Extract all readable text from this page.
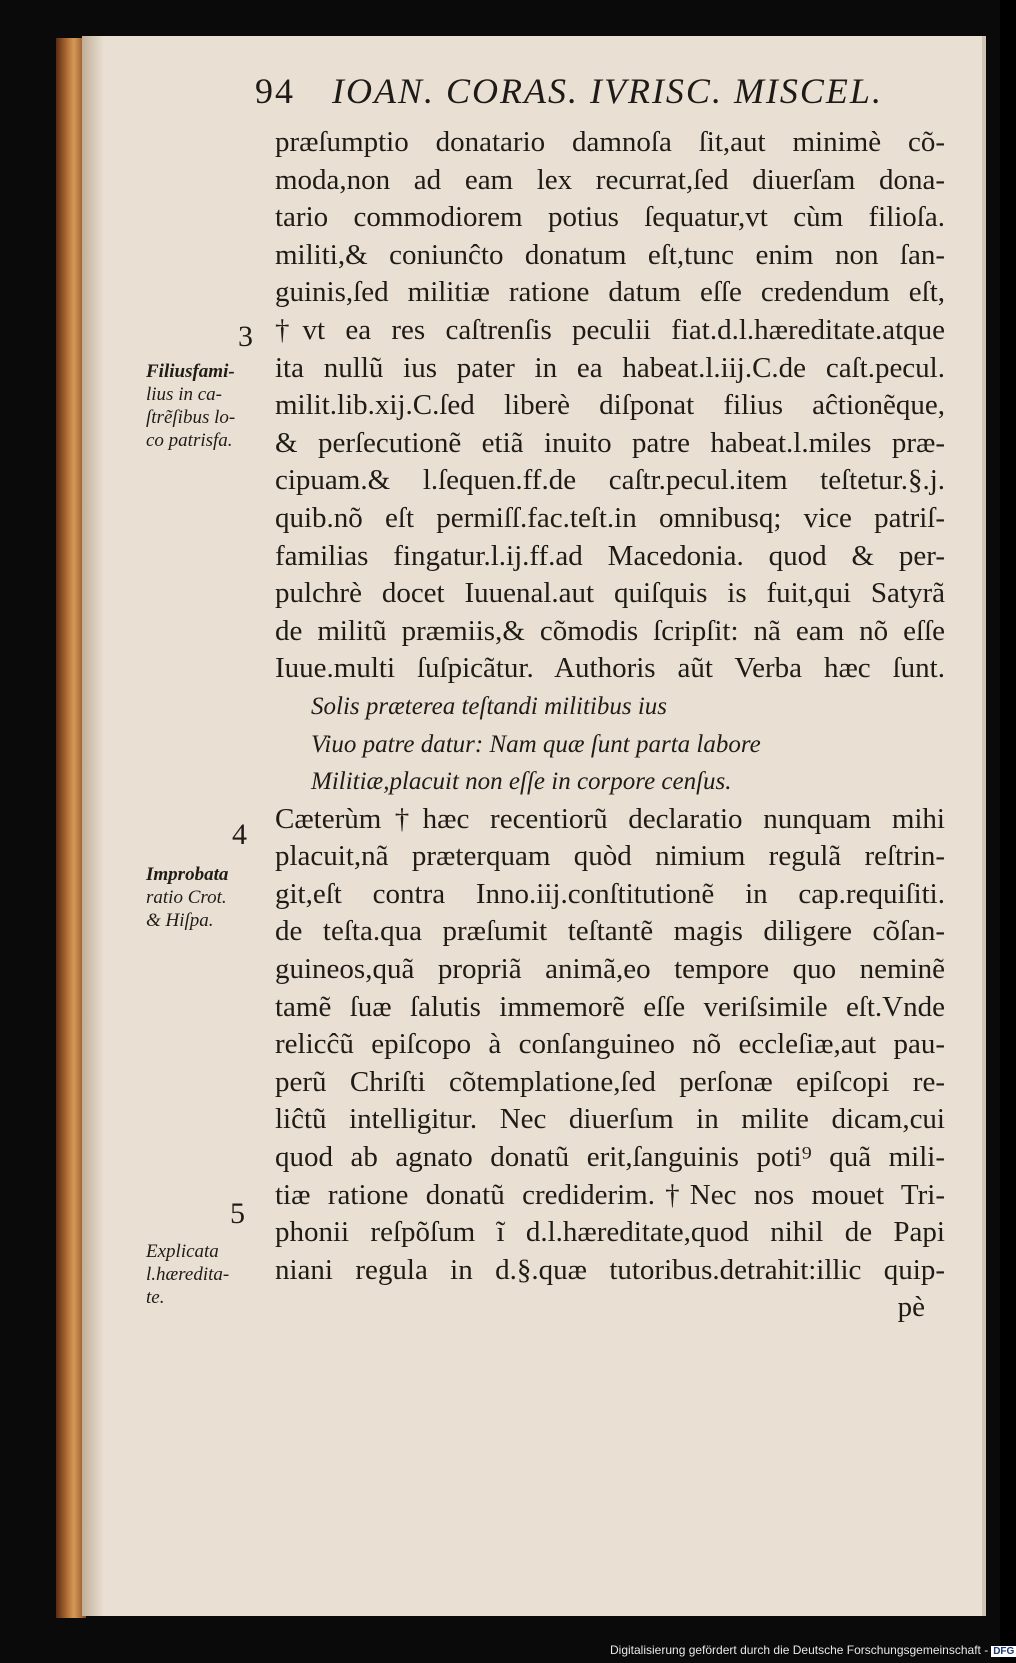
94 IOAN. CORAS. IVRISC. MISCEL.
præſumptio donatario damnoſa ſit,aut minimè cõ-
moda,non ad eam lex recurrat,ſed diuerſam dona-
tario commodiorem potius ſequatur,vt cùm filioſa.
militi,& coniunĉto donatum eſt,tunc enim non ſan-
guinis,ſed militiæ ratione datum eſſe credendum eſt,
†vt ea res caſtrenſis peculii fiat.d.l.hæreditate.atque
ita nullũ ius pater in ea habeat.l.iij.C.de caſt.pecul.
milit.lib.xij.C.ſed liberè diſponat filius aĉtionẽque,
& perſecutionẽ etiã inuito patre habeat.l.miles præ-
cipuam.& l.ſequen.ff.de caſtr.pecul.item teſtetur.§.j.
quib.nõ eſt permiſſ.fac.teſt.in omnibusq; vice patriſ-
familias fingatur.l.ij.ff.ad Macedonia. quod & per-
pulchrè docet Iuuenal.aut quiſquis is fuit,qui Satyrã
de militũ præmiis,& cõmodis ſcripſit: nã eam nõ eſſe
Iuue.multi ſuſpicãtur. Authoris aũt Verba hæc ſunt.
Solis præterea teſtandi militibus ius
Viuo patre datur: Nam quæ ſunt parta labore
Militiæ,placuit non eſſe in corpore cenſus.
Cæterùm†hæc recentiorũ declaratio nunquam mihi
placuit,nã præterquam quòd nimium regulã reſtrin-
git,eſt contra Inno.iij.conſtitutionẽ in cap.requiſiti.
de teſta.qua præſumit teſtantẽ magis diligere cõſan-
guineos,quã propriã animã,eo tempore quo neminẽ
tamẽ ſuæ ſalutis immemorẽ eſſe veriſsimile eſt.Vnde
relicĉũ epiſcopo à conſanguineo nõ eccleſiæ,aut pau-
perũ Chriſti cõtemplatione,ſed perſonæ epiſcopi re-
liĉtũ intelligitur. Nec diuerſum in milite dicam,cui
quod ab agnato donatũ erit,ſanguinis poti⁹ quã mili-
tiæ ratione donatũ crediderim.†Nec nos mouet Tri-
phonii reſpõſum ĩ d.l.hæreditate,quod nihil de Papi
niani regula in d.§.quæ tutoribus.detrahit:illic quip-
pè
3
Filiusfami-
lius in ca-
ſtrẽſibus lo-
co patrisfa.
4
Improbata
ratio Crot.
& Hiſpa.
5
Explicata
l.hæredita-
te.
Digitalisierung gefördert durch die Deutsche Forschungsgemeinschaft - DFG
